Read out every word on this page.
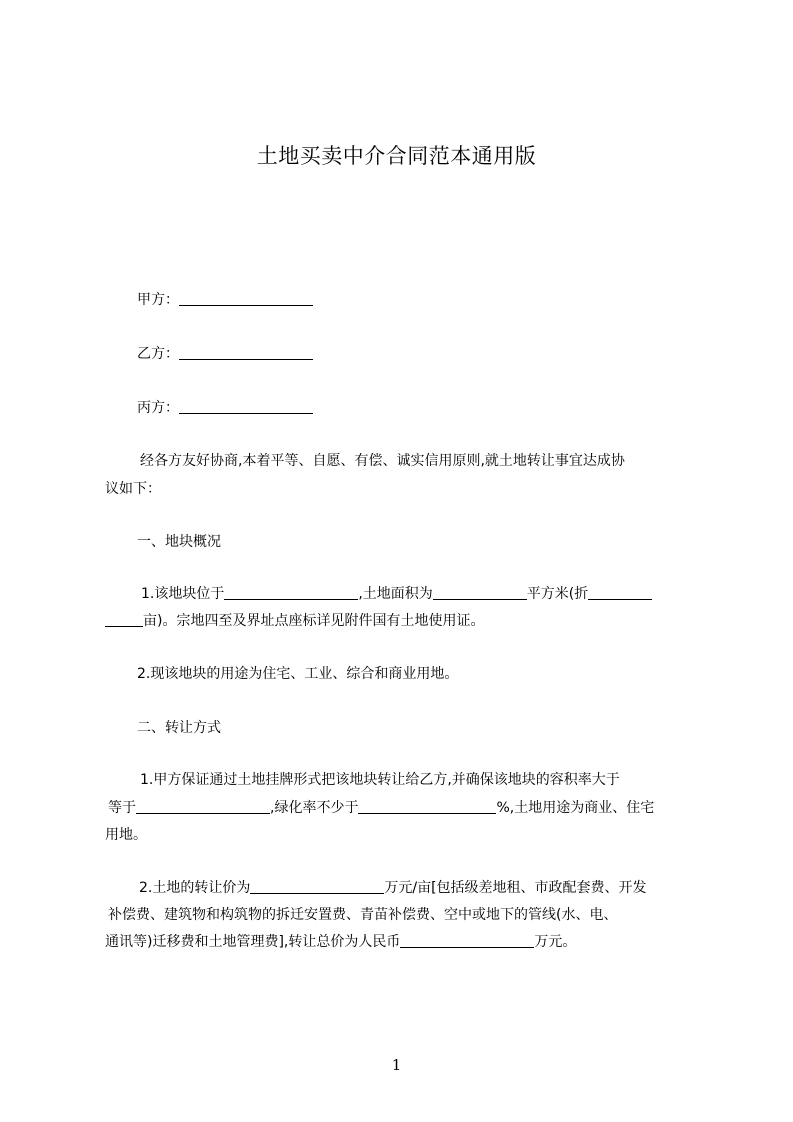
土地买卖中介合同范本通用版
甲方：
乙方：
丙方：
经各方友好协商,本着平等、自愿、有偿、诚实信用原则,就土地转让事宜达成协
议如下：
一、地块概况
1.该地块位于	,土地面积为	平方米(折
亩)。宗地四至及界址点座标详见附件国有土地使用证。
2.现该地块的用途为住宅、工业、综合和商业用地。
二、转让方式
1.甲方保证通过土地挂牌形式把该地块转让给乙方,并确保该地块的容积率大于
等于	,绿化率不少于	%,土地用途为商业、住宅
用地。
2.土地的转让价为	万元/亩[包括级差地租、市政配套费、开发
补偿费、建筑物和构筑物的拆迁安置费、青苗补偿费、空中或地下的管线(水、电、
通讯等)迁移费和土地管理费],转让总价为人民币	万元。
1
